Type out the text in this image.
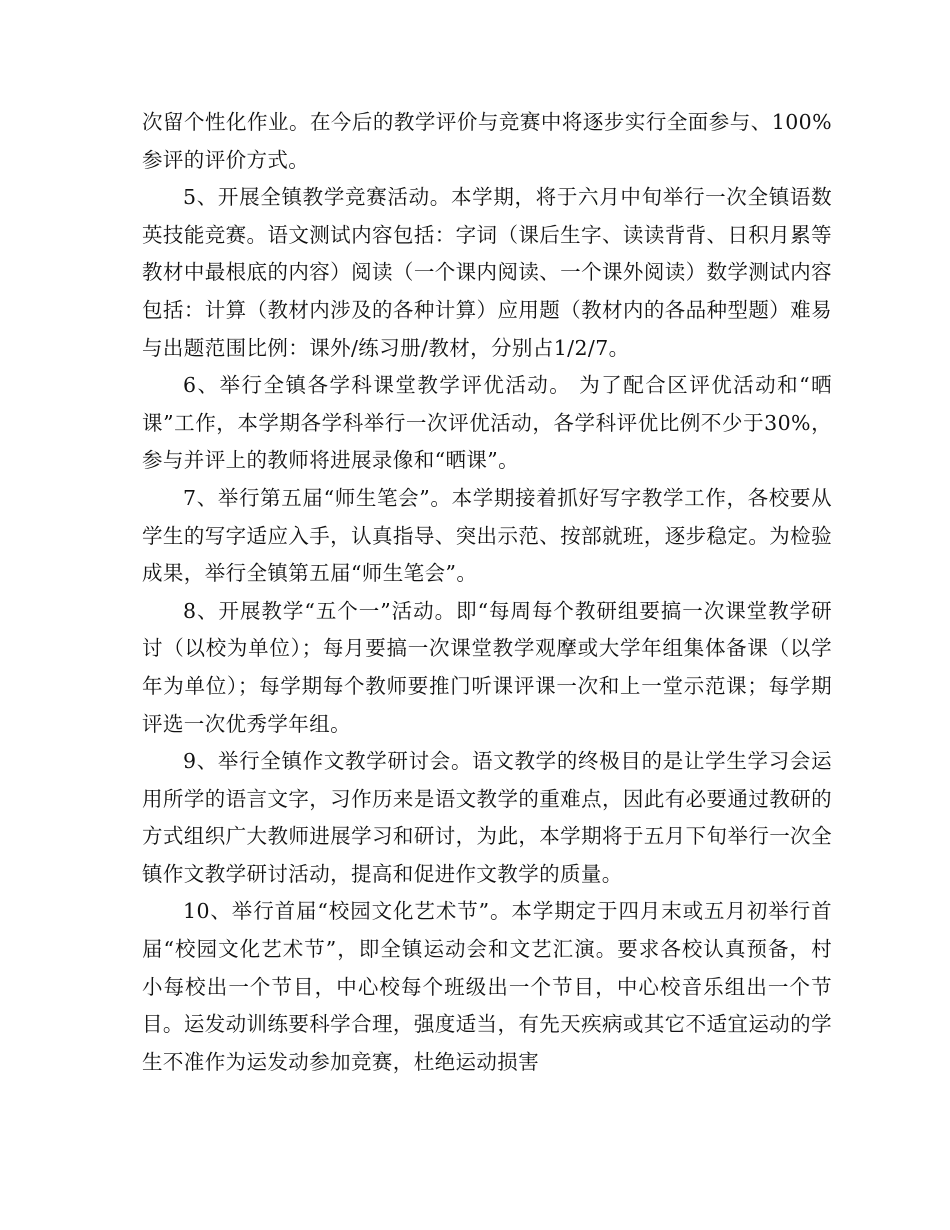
次留个性化作业。在今后的教学评价与竞赛中将逐步实行全面参与、100%参评的评价方式。

5、开展全镇教学竞赛活动。本学期，将于六月中旬举行一次全镇语数英技能竞赛。语文测试内容包括：字词（课后生字、读读背背、日积月累等教材中最根底的内容）阅读（一个课内阅读、一个课外阅读）数学测试内容包括：计算（教材内涉及的各种计算）应用题（教材内的各品种型题）难易与出题范围比例：课外/练习册/教材，分别占1/2/7。

6、举行全镇各学科课堂教学评优活动。 为了配合区评优活动和“晒课”工作，本学期各学科举行一次评优活动，各学科评优比例不少于30%，参与并评上的教师将进展录像和“晒课”。

7、举行第五届“师生笔会”。本学期接着抓好写字教学工作，各校要从学生的写字适应入手，认真指导、突出示范、按部就班，逐步稳定。为检验成果，举行全镇第五届“师生笔会”。

8、开展教学“五个一”活动。即“每周每个教研组要搞一次课堂教学研讨（以校为单位）；每月要搞一次课堂教学观摩或大学年组集体备课（以学年为单位）；每学期每个教师要推门听课评课一次和上一堂示范课；每学期评选一次优秀学年组。

9、举行全镇作文教学研讨会。语文教学的终极目的是让学生学习会运用所学的语言文字，习作历来是语文教学的重难点，因此有必要通过教研的方式组织广大教师进展学习和研讨，为此，本学期将于五月下旬举行一次全镇作文教学研讨活动，提高和促进作文教学的质量。

10、举行首届“校园文化艺术节”。本学期定于四月末或五月初举行首届“校园文化艺术节”，即全镇运动会和文艺汇演。要求各校认真预备，村小每校出一个节目，中心校每个班级出一个节目，中心校音乐组出一个节目。运发动训练要科学合理，强度适当，有先天疾病或其它不适宜运动的学生不准作为运发动参加竞赛，杜绝运动损害
